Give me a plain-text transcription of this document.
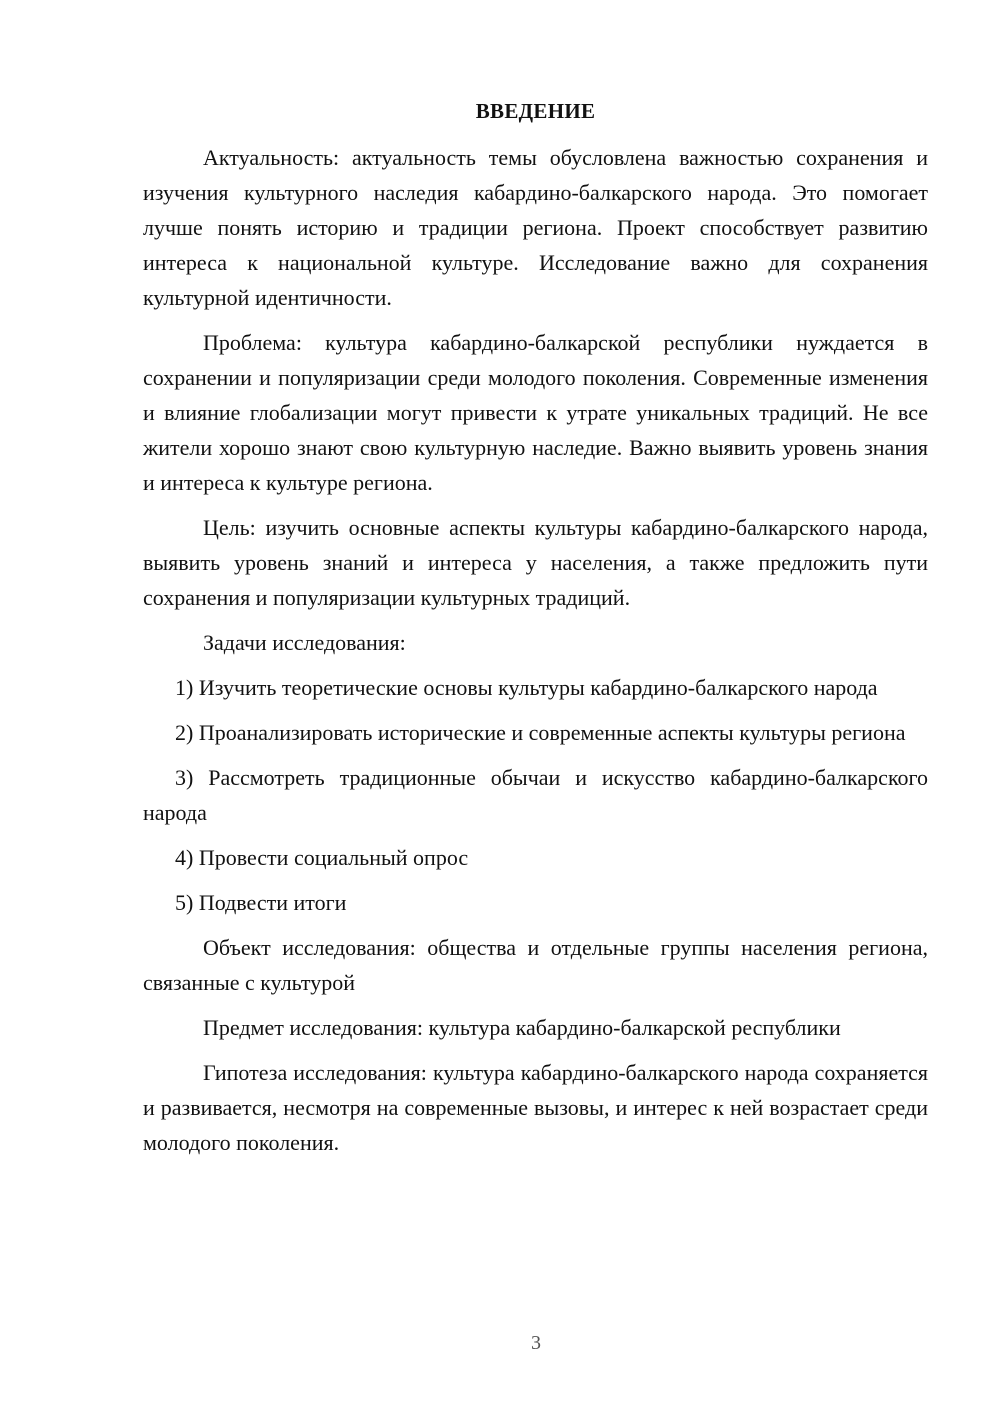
ВВЕДЕНИЕ

Актуальность: актуальность темы обусловлена важностью сохранения и изучения культурного наследия кабардино-балкарского народа. Это помогает лучше понять историю и традиции региона. Проект способствует развитию интереса к национальной культуре. Исследование важно для сохранения культурной идентичности.

Проблема: культура кабардино-балкарской республики нуждается в сохранении и популяризации среди молодого поколения. Современные изменения и влияние глобализации могут привести к утрате уникальных традиций. Не все жители хорошо знают свою культурную наследие. Важно выявить уровень знания и интереса к культуре региона.

Цель: изучить основные аспекты культуры кабардино-балкарского народа, выявить уровень знаний и интереса у населения, а также предложить пути сохранения и популяризации культурных традиций.

Задачи исследования:

1) Изучить теоретические основы культуры кабардино-балкарского народа

2) Проанализировать исторические и современные аспекты культуры региона

3) Рассмотреть традиционные обычаи и искусство кабардино-балкарского народа

4) Провести социальный опрос

5) Подвести итоги

Объект исследования: общества и отдельные группы населения региона, связанные с культурой

Предмет исследования: культура кабардино-балкарской республики

Гипотеза исследования: культура кабардино-балкарского народа сохраняется и развивается, несмотря на современные вызовы, и интерес к ней возрастает среди молодого поколения.

3
